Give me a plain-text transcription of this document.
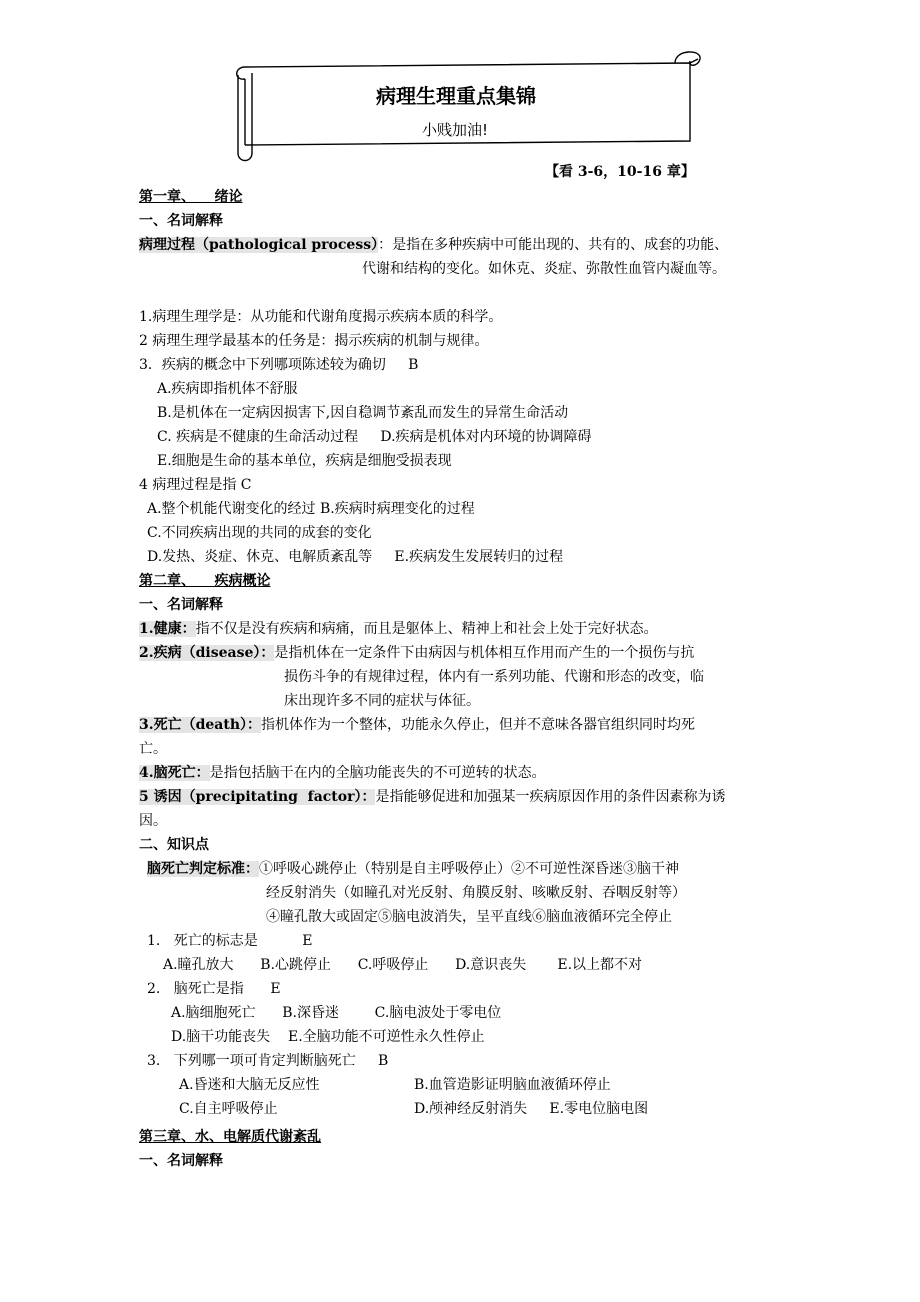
病理生理重点集锦
小贱加油!
【看 3-6，10-16 章】
第一章、    绪论
一、名词解释
病理过程（pathological process）：是指在多种疾病中可能出现的、共有的、成套的功能、
代谢和结构的变化。如休克、炎症、弥散性血管内凝血等。
1.病理生理学是：从功能和代谢角度揭示疾病本质的科学。
2 病理生理学最基本的任务是：揭示疾病的机制与规律。
3．疾病的概念中下列哪项陈述较为确切     B
A.疾病即指机体不舒服
B.是机体在一定病因损害下,因自稳调节紊乱而发生的异常生命活动
C. 疾病是不健康的生命活动过程     D.疾病是机体对内环境的协调障碍
E.细胞是生命的基本单位，疾病是细胞受损表现
4 病理过程是指 C
A.整个机能代谢变化的经过 B.疾病时病理变化的过程
C.不同疾病出现的共同的成套的变化
D.发热、炎症、休克、电解质紊乱等     E.疾病发生发展转归的过程
第二章、    疾病概论
一、名词解释
1.健康：指不仅是没有疾病和病痛，而且是躯体上、精神上和社会上处于完好状态。
2.疾病（disease）：是指机体在一定条件下由病因与机体相互作用而产生的一个损伤与抗
损伤斗争的有规律过程，体内有一系列功能、代谢和形态的改变，临
床出现许多不同的症状与体征。
3.死亡（death）：指机体作为一个整体，功能永久停止，但并不意味各器官组织同时均死
亡。
4.脑死亡：是指包括脑干在内的全脑功能丧失的不可逆转的状态。
5 诱因（precipitating  factor）：是指能够促进和加强某一疾病原因作用的条件因素称为诱
因。
二、知识点
脑死亡判定标准：①呼吸心跳停止（特别是自主呼吸停止）②不可逆性深昏迷③脑干神
经反射消失（如瞳孔对光反射、角膜反射、咳嗽反射、吞咽反射等）
④瞳孔散大或固定⑤脑电波消失，呈平直线⑥脑血液循环完全停止
1.   死亡的标志是          E
A.瞳孔放大      B.心跳停止      C.呼吸停止      D.意识丧失       E.以上都不对
2.   脑死亡是指      E
A.脑细胞死亡      B.深昏迷        C.脑电波处于零电位
D.脑干功能丧失    E.全脑功能不可逆性永久性停止
3.   下列哪一项可肯定判断脑死亡     B
A.昏迷和大脑无反应性	B.血管造影证明脑血液循环停止
C.自主呼吸停止	D.颅神经反射消失     E.零电位脑电图
第三章、水、电解质代谢紊乱
一、名词解释
